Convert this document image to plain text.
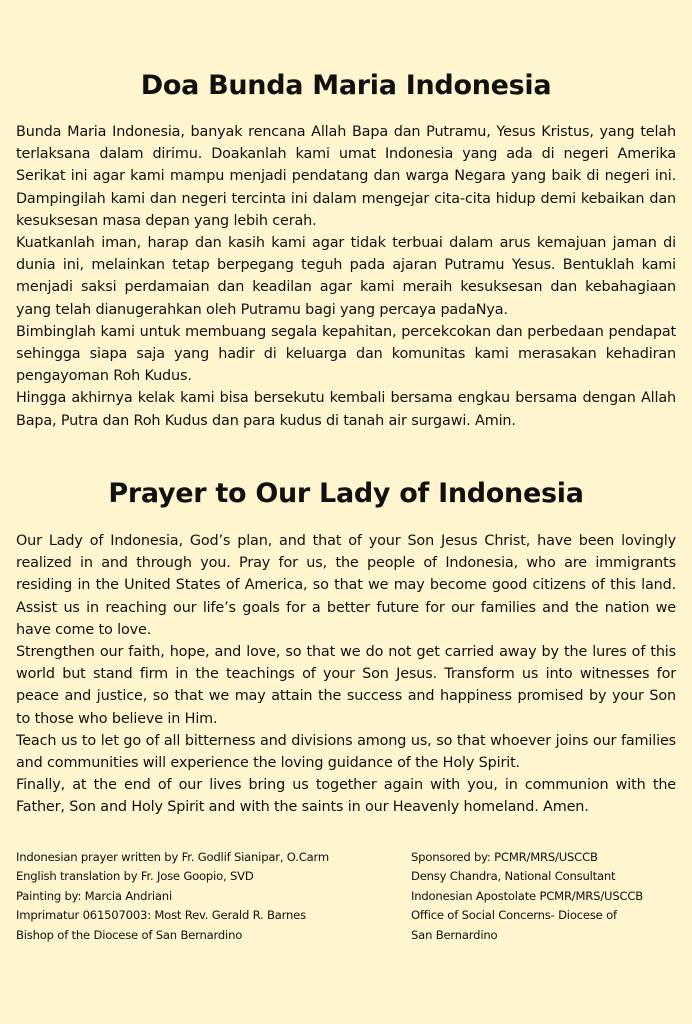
Doa Bunda Maria Indonesia

Bunda Maria Indonesia, banyak rencana Allah Bapa dan Putramu, Yesus Kristus, yang telah terlaksana dalam dirimu. Doakanlah kami umat Indonesia yang ada di negeri Amerika Serikat ini agar kami mampu menjadi pendatang dan warga Negara yang baik di negeri ini. Dampingilah kami dan negeri tercinta ini dalam mengejar cita-cita hidup demi kebaikan dan kesuksesan masa depan yang lebih cerah.

Kuatkanlah iman, harap dan kasih kami agar tidak terbuai dalam arus kemajuan jaman di dunia ini, melainkan tetap berpegang teguh pada ajaran Putramu Yesus. Bentuklah kami menjadi saksi perdamaian dan keadilan agar kami meraih kesuksesan dan kebahagiaan yang telah dianugerahkan oleh Putramu bagi yang percaya padaNya.

Bimbinglah kami untuk membuang segala kepahitan, percekcokan dan perbedaan pendapat sehingga siapa saja yang hadir di keluarga dan komunitas kami merasakan kehadiran pengayoman Roh Kudus.

Hingga akhirnya kelak kami bisa bersekutu kembali bersama engkau bersama dengan Allah Bapa, Putra dan Roh Kudus dan para kudus di tanah air surgawi. Amin.

Prayer to Our Lady of Indonesia

Our Lady of Indonesia, God’s plan, and that of your Son Jesus Christ, have been lovingly realized in and through you. Pray for us, the people of Indonesia, who are immigrants residing in the United States of America, so that we may become good citizens of this land. Assist us in reaching our life’s goals for a better future for our families and the nation we have come to love.

Strengthen our faith, hope, and love, so that we do not get carried away by the lures of this world but stand firm in the teachings of your Son Jesus. Transform us into witnesses for peace and justice, so that we may attain the success and happiness promised by your Son to those who believe in Him.

Teach us to let go of all bitterness and divisions among us, so that whoever joins our families and communities will experience the loving guidance of the Holy Spirit.

Finally, at the end of our lives bring us together again with you, in communion with the Father, Son and Holy Spirit and with the saints in our Heavenly homeland. Amen.

Indonesian prayer written by Fr. Godlif Sianipar, O.Carm
English translation by Fr. Jose Goopio, SVD
Painting by: Marcia Andriani
Imprimatur 061507003: Most Rev. Gerald R. Barnes
Bishop of the Diocese of San Bernardino
Sponsored by: PCMR/MRS/USCCB
Densy Chandra, National Consultant
Indonesian Apostolate PCMR/MRS/USCCB
Office of Social Concerns- Diocese of
San Bernardino
